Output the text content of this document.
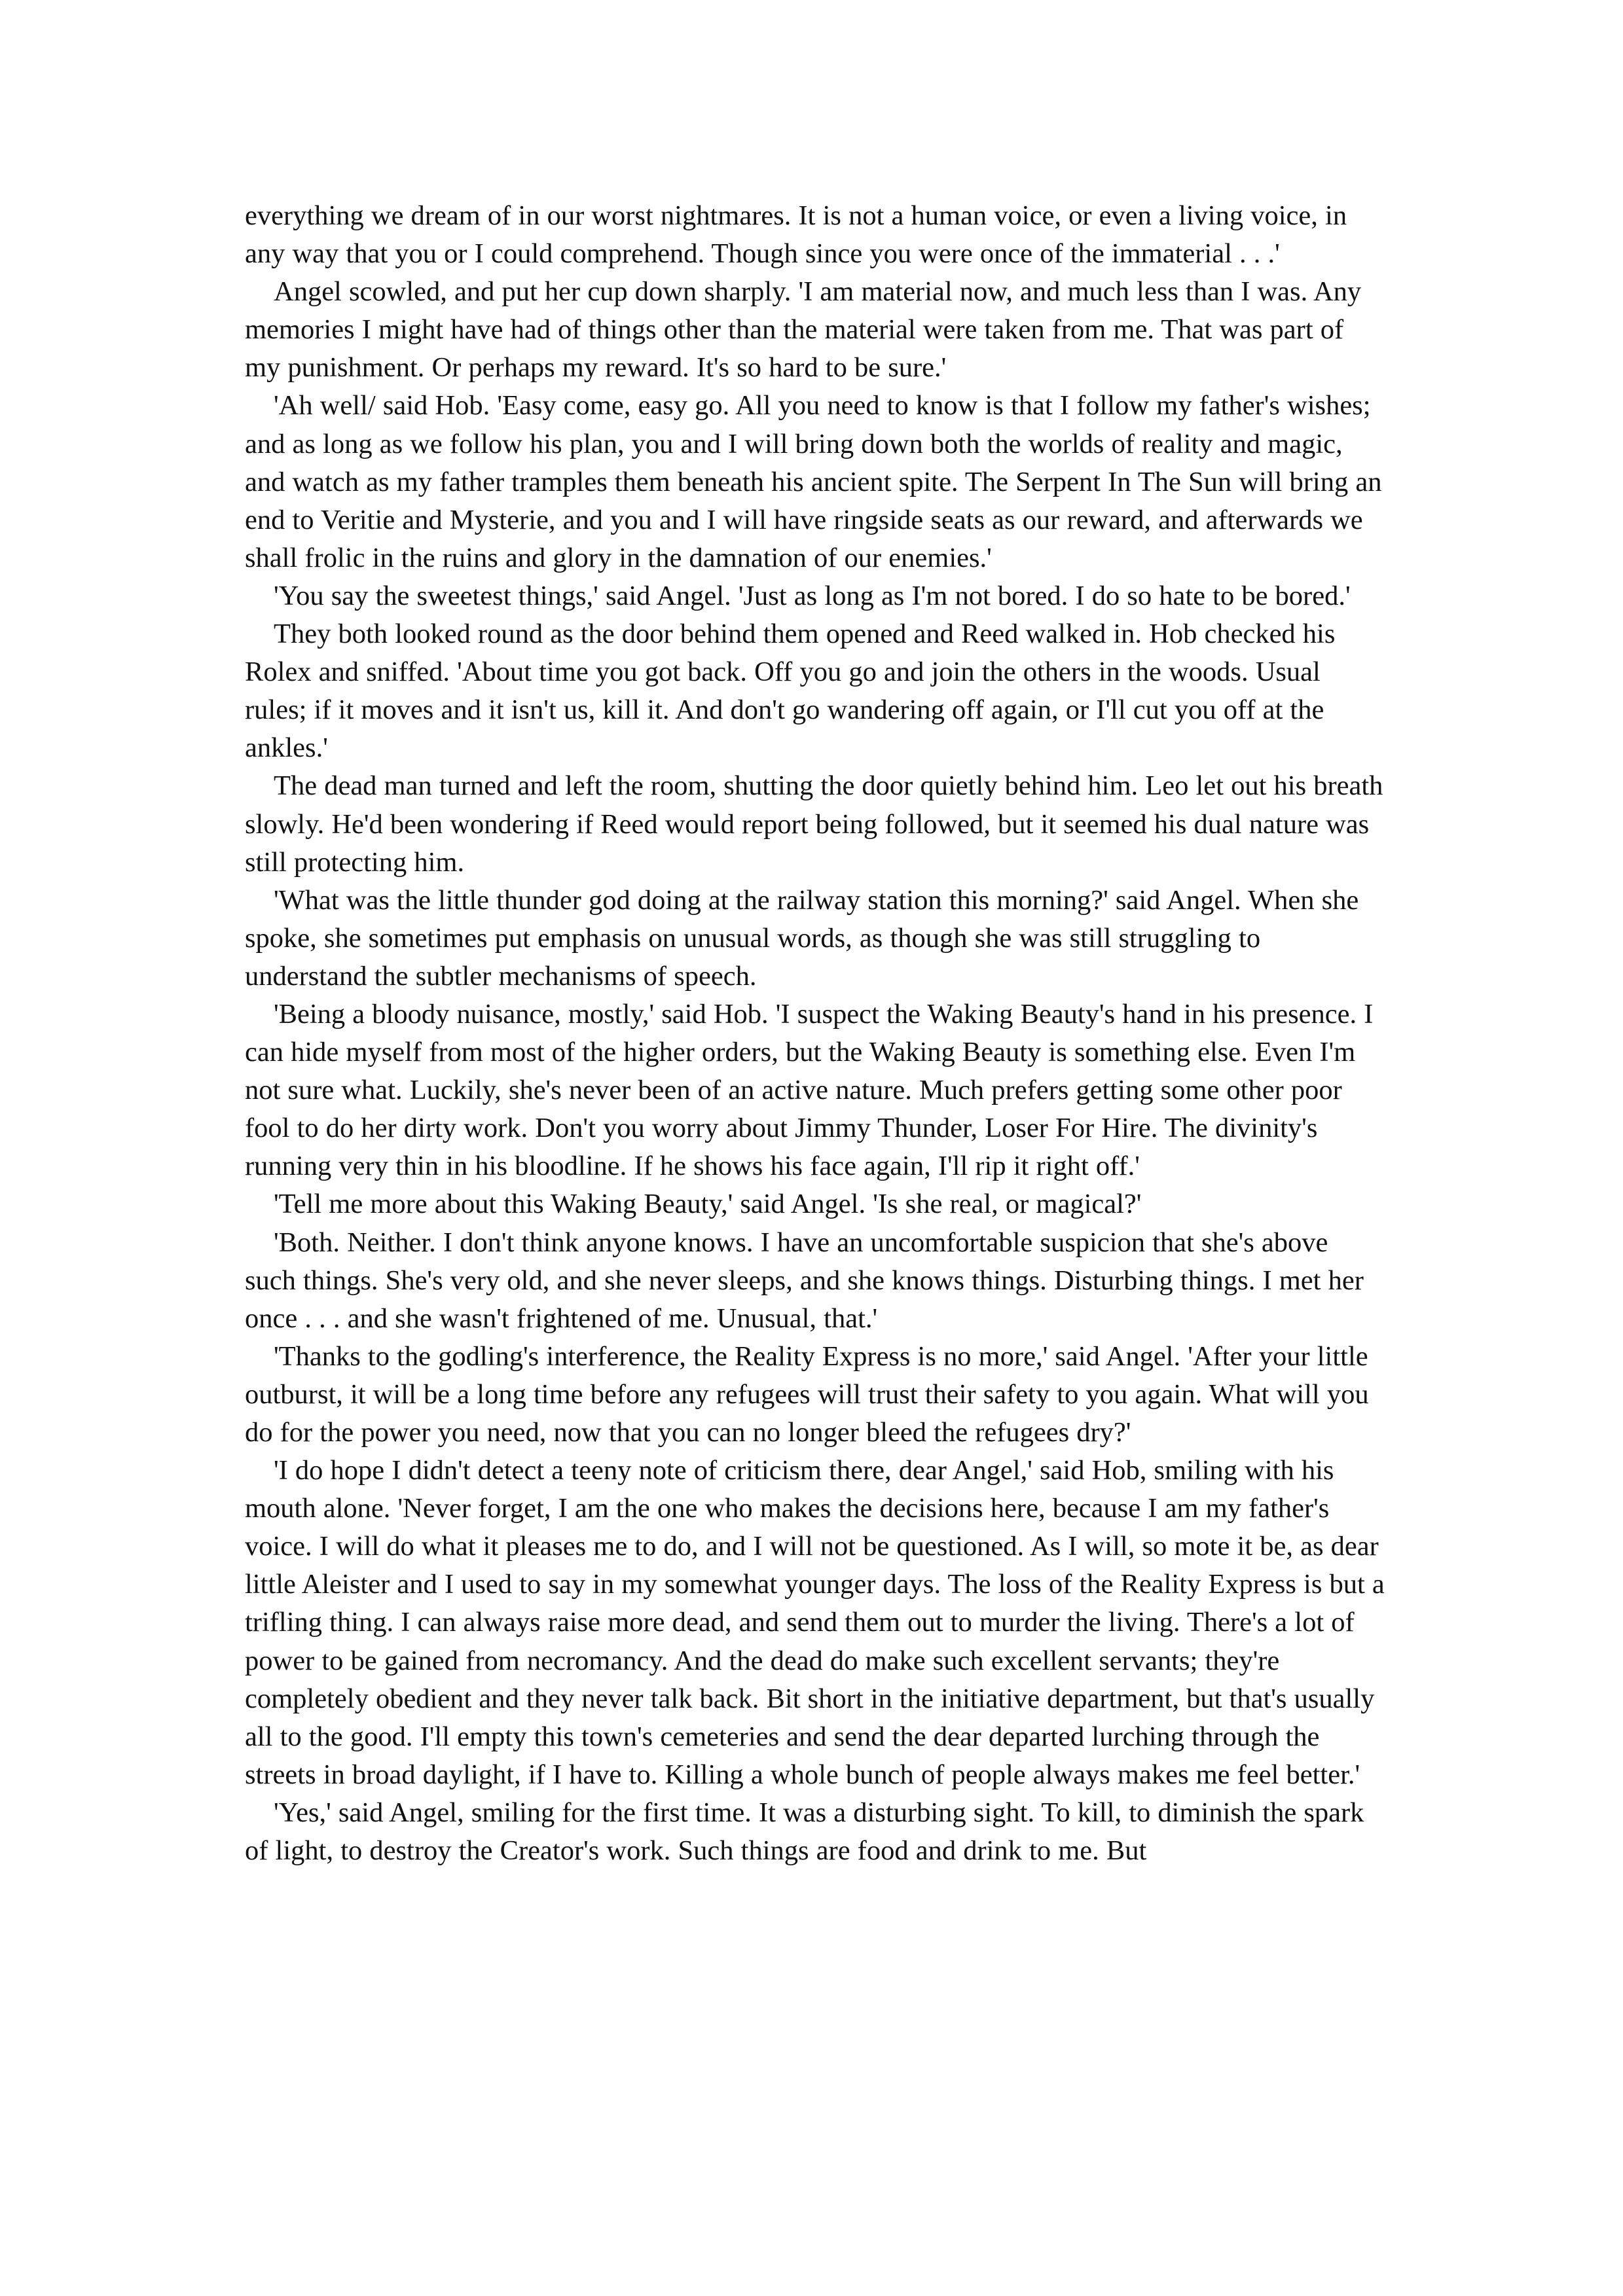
everything we dream of in our worst nightmares. It is not a human voice, or even a living voice, in any way that you or I could comprehend. Though since you were once of the immaterial . . .'

Angel scowled, and put her cup down sharply. 'I am material now, and much less than I was. Any memories I might have had of things other than the material were taken from me. That was part of my punishment. Or perhaps my reward. It's so hard to be sure.'

'Ah well/ said Hob. 'Easy come, easy go. All you need to know is that I follow my father's wishes; and as long as we follow his plan, you and I will bring down both the worlds of reality and magic, and watch as my father tramples them beneath his ancient spite. The Serpent In The Sun will bring an end to Veritie and Mysterie, and you and I will have ringside seats as our reward, and afterwards we shall frolic in the ruins and glory in the damnation of our enemies.'

'You say the sweetest things,' said Angel. 'Just as long as I'm not bored. I do so hate to be bored.'

They both looked round as the door behind them opened and Reed walked in. Hob checked his Rolex and sniffed. 'About time you got back. Off you go and join the others in the woods. Usual rules; if it moves and it isn't us, kill it. And don't go wandering off again, or I'll cut you off at the ankles.'

The dead man turned and left the room, shutting the door quietly behind him. Leo let out his breath slowly. He'd been wondering if Reed would report being followed, but it seemed his dual nature was still protecting him.

'What was the little thunder god doing at the railway station this morning?' said Angel. When she spoke, she sometimes put emphasis on unusual words, as though she was still struggling to understand the subtler mechanisms of speech.

'Being a bloody nuisance, mostly,' said Hob. 'I suspect the Waking Beauty's hand in his presence. I can hide myself from most of the higher orders, but the Waking Beauty is something else. Even I'm not sure what. Luckily, she's never been of an active nature. Much prefers getting some other poor fool to do her dirty work. Don't you worry about Jimmy Thunder, Loser For Hire. The divinity's running very thin in his bloodline. If he shows his face again, I'll rip it right off.'

'Tell me more about this Waking Beauty,' said Angel. 'Is she real, or magical?'

'Both. Neither. I don't think anyone knows. I have an uncomfortable suspicion that she's above such things. She's very old, and she never sleeps, and she knows things. Disturbing things. I met her once . . . and she wasn't frightened of me. Unusual, that.'

'Thanks to the godling's interference, the Reality Express is no more,' said Angel. 'After your little outburst, it will be a long time before any refugees will trust their safety to you again. What will you do for the power you need, now that you can no longer bleed the refugees dry?'

'I do hope I didn't detect a teeny note of criticism there, dear Angel,' said Hob, smiling with his mouth alone. 'Never forget, I am the one who makes the decisions here, because I am my father's voice. I will do what it pleases me to do, and I will not be questioned. As I will, so mote it be, as dear little Aleister and I used to say in my somewhat younger days. The loss of the Reality Express is but a trifling thing. I can always raise more dead, and send them out to murder the living. There's a lot of power to be gained from necromancy. And the dead do make such excellent servants; they're completely obedient and they never talk back. Bit short in the initiative department, but that's usually all to the good. I'll empty this town's cemeteries and send the dear departed lurching through the streets in broad daylight, if I have to. Killing a whole bunch of people always makes me feel better.'

'Yes,' said Angel, smiling for the first time. It was a disturbing sight. To kill, to diminish the spark of light, to destroy the Creator's work. Such things are food and drink to me. But
